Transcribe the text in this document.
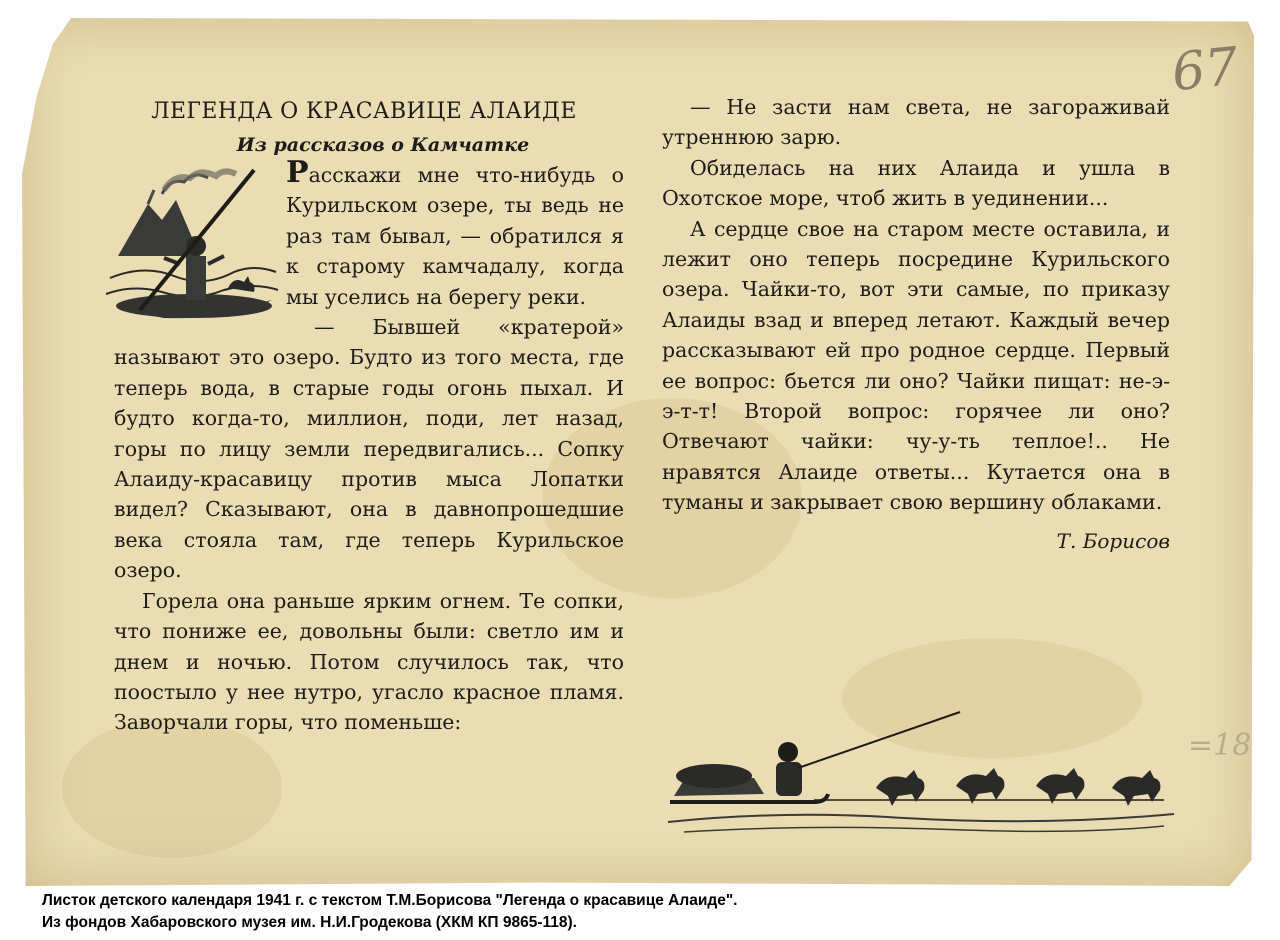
67
=18
ЛЕГЕНДА О КРАСАВИЦЕ АЛАИДЕ
Из рассказов о Камчатке

Расскажи мне что-нибудь о Курильском озере, ты ведь не раз там бывал, — обратился я к старому камчадалу, когда мы уселись на берегу реки.

— Бывшей «кратерой» называют это озеро. Будто из того места, где теперь вода, в старые годы огонь пыхал. И будто когда-то, миллион, поди, лет назад, горы по лицу земли передвигались... Сопку Алаиду-красавицу против мыса Лопатки видел? Сказывают, она в давнопрошедшие века стояла там, где теперь Курильское озеро.

Горела она раньше ярким огнем. Те сопки, что пониже ее, довольны были: светло им и днем и ночью. Потом случилось так, что поостыло у нее нутро, угасло красное пламя. Заворчали горы, что поменьше:

— Не засти нам света, не загораживай утреннюю зарю.

Обиделась на них Алаида и ушла в Охотское море, чтоб жить в уединении...

А сердце свое на старом месте оставила, и лежит оно теперь посредине Курильского озера. Чайки-то, вот эти самые, по приказу Алаиды взад и вперед летают. Каждый вечер рассказывают ей про родное сердце. Первый ее вопрос: бьется ли оно? Чайки пищат: не-э-э-т-т! Второй вопрос: горячее ли оно? Отвечают чайки: чу-у-ть теплое!.. Не нравятся Алаиде ответы... Кутается она в туманы и закрывает свою вершину облаками.

Т. Борисов
Листок детского календаря 1941 г. с текстом Т.М.Борисова "Легенда о красавице Алаиде".
Из фондов Хабаровского музея им. Н.И.Гродекова (ХКМ КП 9865-118).
